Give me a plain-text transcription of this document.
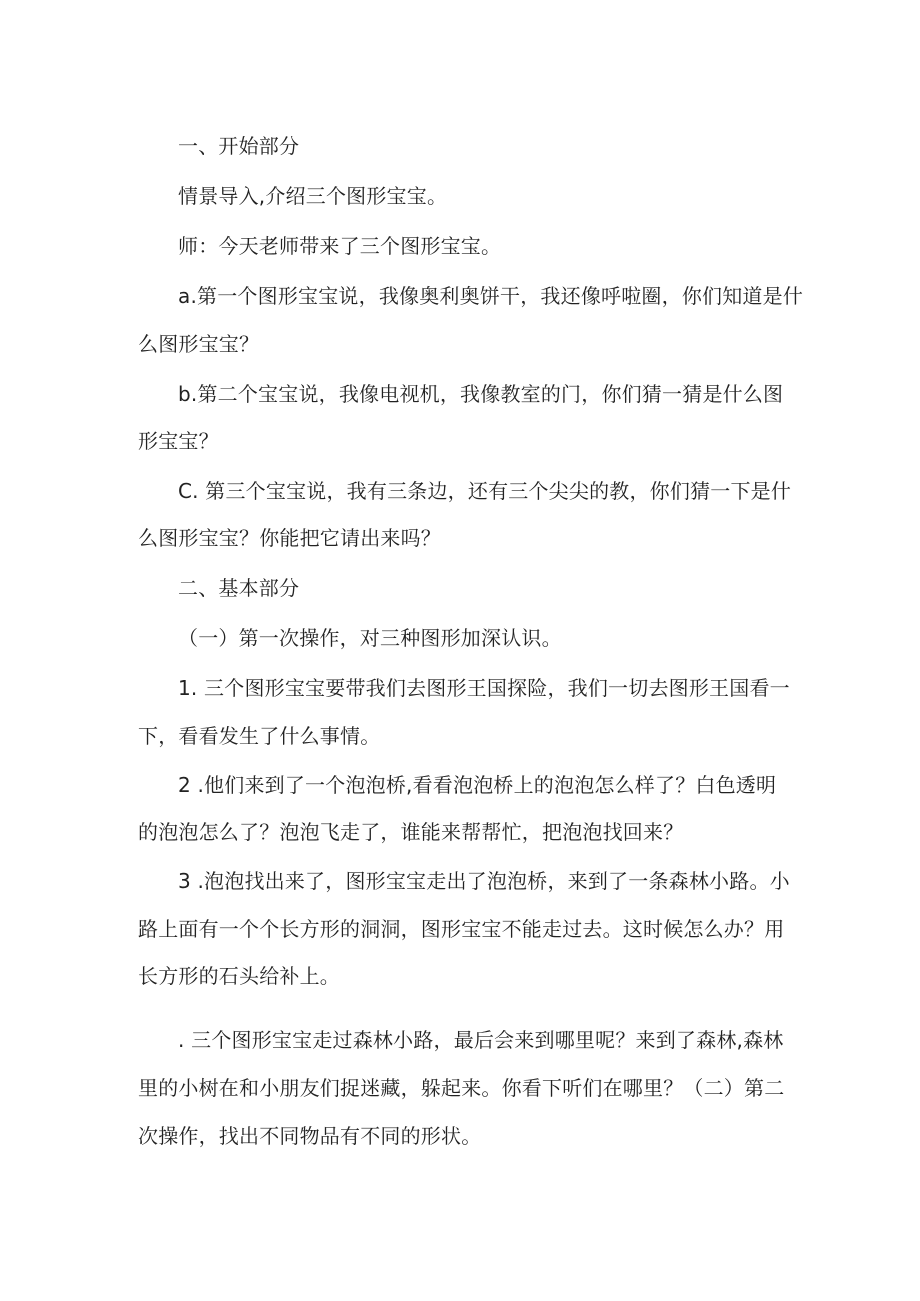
一、开始部分
情景导入,介绍三个图形宝宝。
师：今天老师带来了三个图形宝宝。
a.第一个图形宝宝说，我像奥利奥饼干，我还像呼啦圈，你们知道是什
么图形宝宝？
b.第二个宝宝说，我像电视机，我像教室的门，你们猜一猜是什么图
形宝宝？
C. 第三个宝宝说，我有三条边，还有三个尖尖的教，你们猜一下是什
么图形宝宝？你能把它请出来吗？
二、基本部分
（一）第一次操作，对三种图形加深认识。
1. 三个图形宝宝要带我们去图形王国探险，我们一切去图形王国看一
下，看看发生了什么事情。
2 .他们来到了一个泡泡桥,看看泡泡桥上的泡泡怎么样了？白色透明
的泡泡怎么了？泡泡飞走了，谁能来帮帮忙，把泡泡找回来？
3 .泡泡找出来了，图形宝宝走出了泡泡桥，来到了一条森林小路。小
路上面有一个个长方形的洞洞，图形宝宝不能走过去。这时候怎么办？用
长方形的石头给补上。
. 三个图形宝宝走过森林小路，最后会来到哪里呢？来到了森林,森林
里的小树在和小朋友们捉迷藏，躲起来。你看下听们在哪里？（二）第二
次操作，找出不同物品有不同的形状。
